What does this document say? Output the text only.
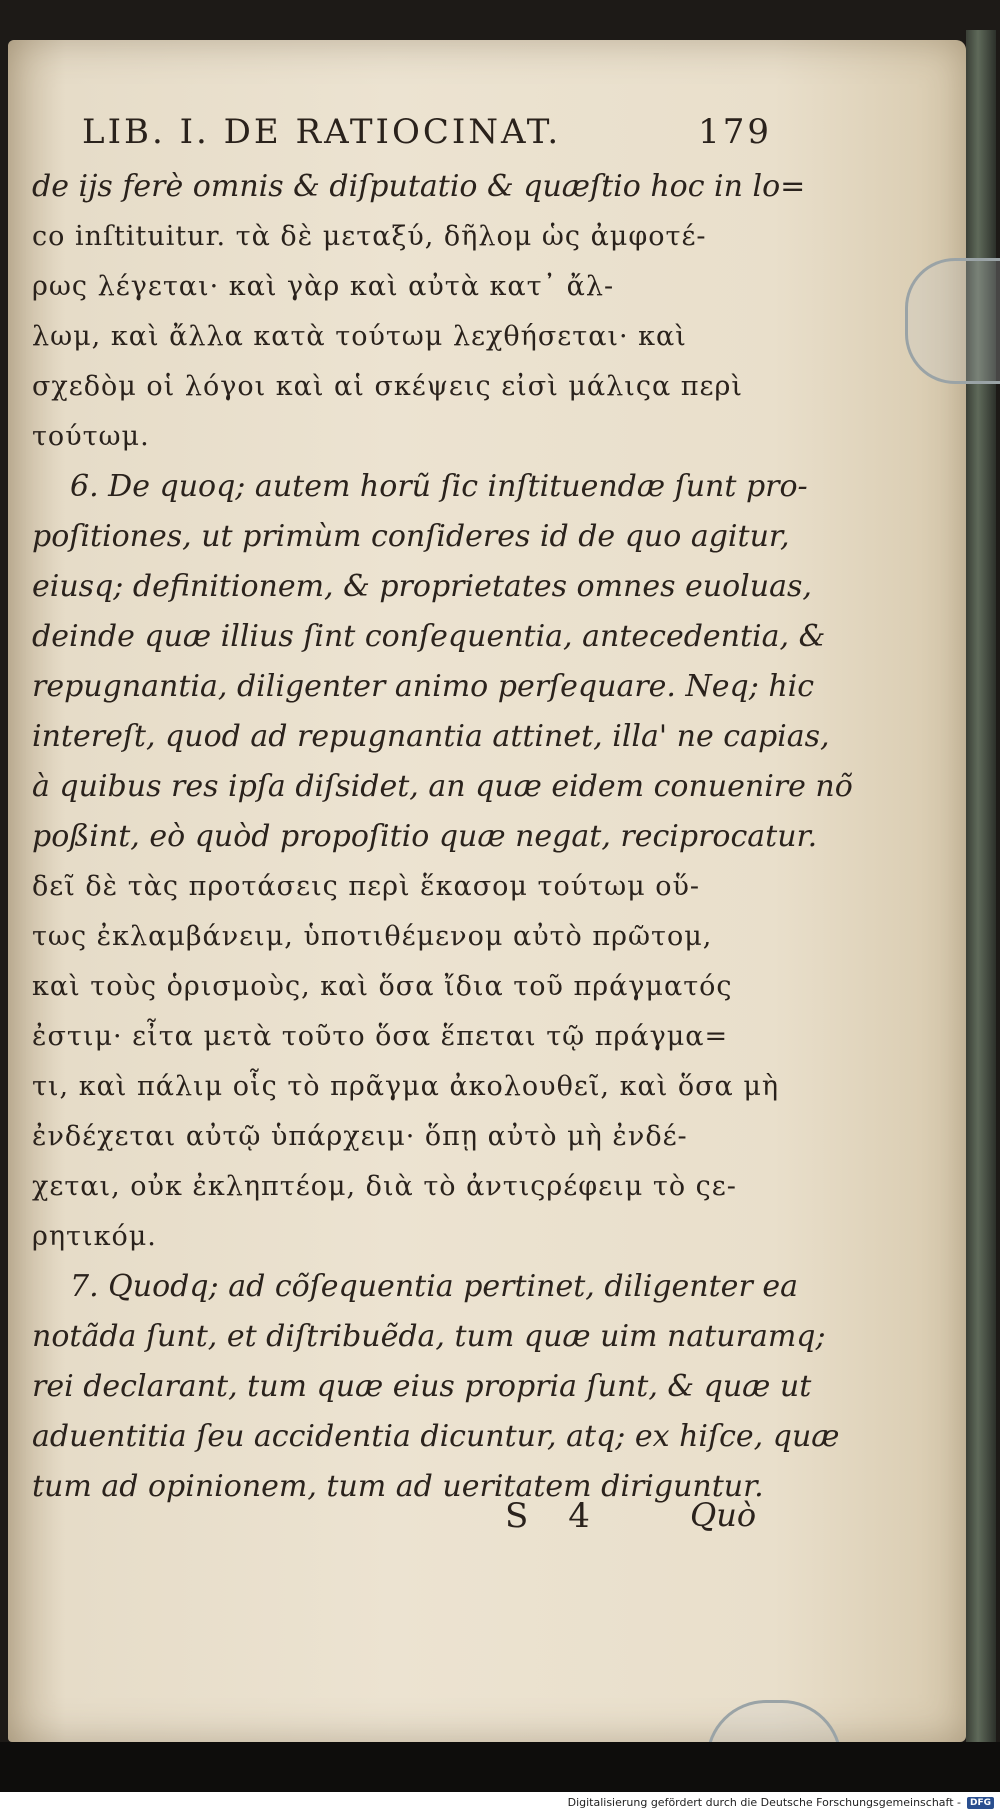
LIB. I. DE RATIOCINAT.	179
de ijs ferè omnis & diſputatio & quæſtio hoc in lo=
co inſtituitur. τὰ δὲ μεταξύ, δῆλομ ὡς ἀμφοτέ-
ρως λέγεται· καὶ γὰρ καὶ αὐτὰ κατ᾽ ἄλ-
λωμ, καὶ ἄλλα κατὰ τούτωμ λεχθήσεται· καὶ
σχεδὸμ οἱ λόγοι καὶ αἱ σκέψεις εἰσὶ μάλιςα περὶ
τούτωμ.
6. De quoq; autem horũ ſic inſtituendæ ſunt pro-
poſitiones, ut primùm conſideres id de quo agitur,
eiusq; definitionem, & proprietates omnes euoluas,
deinde quæ illius ſint conſequentia, antecedentia, &
repugnantia, diligenter animo perſequare. Neq; hic
intereſt, quod ad repugnantia attinet, illa' ne capias,
à quibus res ipſa diſsidet, an quæ eidem conuenire nõ
poßint, eò quòd propoſitio quæ negat, reciprocatur.
δεῖ δὲ τὰς προτάσεις περὶ ἕκασομ τούτωμ οὕ-
τως ἐκλαμβάνειμ, ὑποτιθέμενομ αὐτὸ πρῶτομ,
καὶ τοὺς ὁρισμοὺς, καὶ ὅσα ἴδια τοῦ πράγματός
ἐστιμ· εἶτα μετὰ τοῦτο ὅσα ἕπεται τῷ πράγμα=
τι, καὶ πάλιμ οἷς τὸ πρᾶγμα ἀκολουθεῖ, καὶ ὅσα μὴ
ἐνδέχεται αὐτῷ ὑπάρχειμ· ὅπῃ αὐτὸ μὴ ἐνδέ-
χεται, οὐκ ἐκληπτέομ, διὰ τὸ ἀντιςρέφειμ τὸ ςε-
ρητικόμ.
7. Quodq; ad cõſequentia pertinet, diligenter ea
notãda ſunt, et diſtribuẽda, tum quæ uim naturamq;
rei declarant, tum quæ eius propria ſunt, & quæ ut
aduentitia ſeu accidentia dicuntur, atq; ex hiſce, quæ
tum ad opinionem, tum ad ueritatem diriguntur.
S 4	Quò
Digitalisierung gefördert durch die Deutsche Forschungsgemeinschaft -	DFG
